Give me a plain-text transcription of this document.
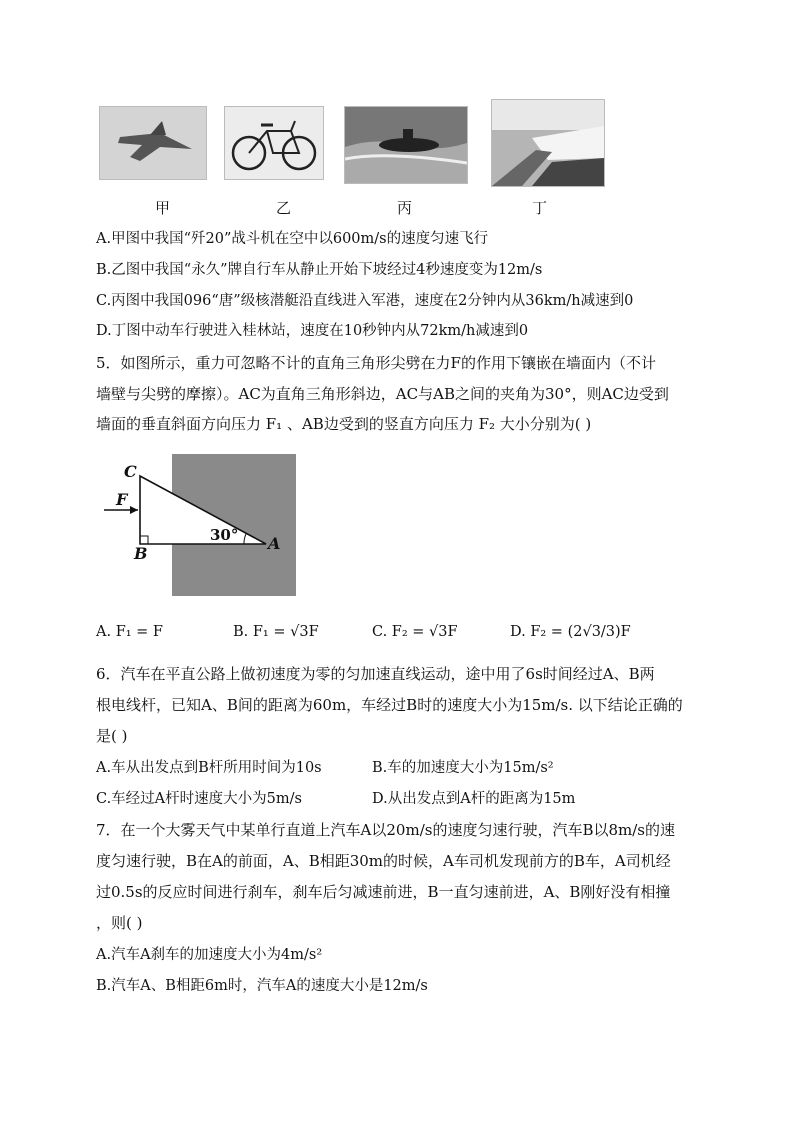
甲	乙	丙	丁
A.甲图中我国“歼20”战斗机在空中以600m/s的速度匀速飞行
B.乙图中我国“永久”牌自行车从静止开始下坡经过4秒速度变为12m/s
C.丙图中我国096“唐”级核潜艇沿直线进入军港，速度在2分钟内从36km/h减速到0
D.丁图中动车行驶进入桂林站，速度在10秒钟内从72km/h减速到0
5．如图所示，重力可忽略不计的直角三角形尖劈在力F的作用下镶嵌在墙面内（不计
墙壁与尖劈的摩擦）。AC为直角三角形斜边，AC与AB之间的夹角为30°，则AC边受到
墙面的垂直斜面方向压力 F₁ 、AB边受到的竖直方向压力 F₂ 大小分别为( )
C
F
B
A
30°
A. F₁ = F	B. F₁ = √3F	C. F₂ = √3F	D. F₂ = (2√3/3)F
6．汽车在平直公路上做初速度为零的匀加速直线运动，途中用了6s时间经过A、B两
根电线杆，已知A、B间的距离为60m，车经过B时的速度大小为15m/s. 以下结论正确的
是( )
A.车从出发点到B杆所用时间为10s	B.车的加速度大小为15m/s²
C.车经过A杆时速度大小为5m/s	D.从出发点到A杆的距离为15m
7．在一个大雾天气中某单行直道上汽车A以20m/s的速度匀速行驶，汽车B以8m/s的速
度匀速行驶，B在A的前面，A、B相距30m的时候，A车司机发现前方的B车，A司机经
过0.5s的反应时间进行刹车，刹车后匀减速前进，B一直匀速前进，A、B刚好没有相撞
，则( )
A.汽车A刹车的加速度大小为4m/s²
B.汽车A、B相距6m时，汽车A的速度大小是12m/s
